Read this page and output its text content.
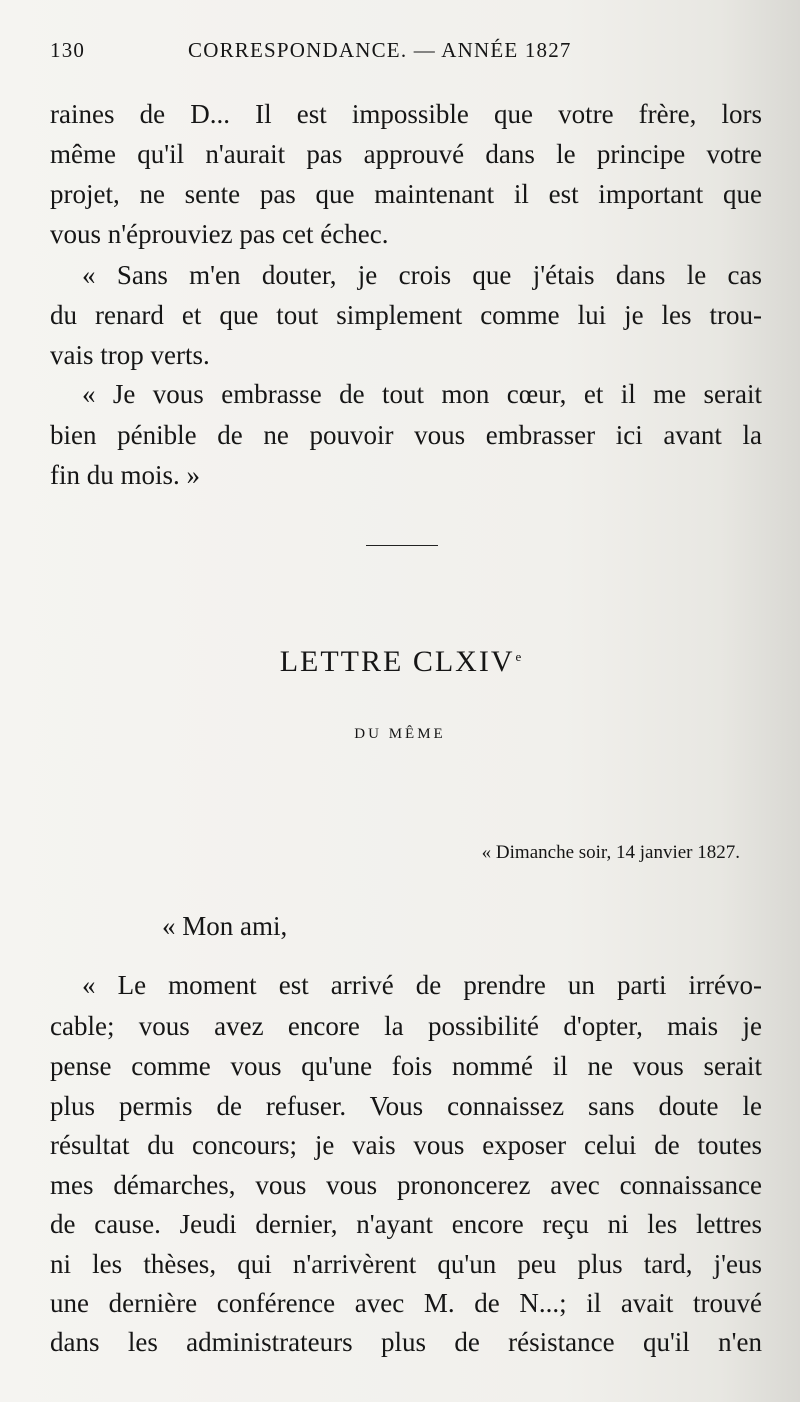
130	CORRESPONDANCE. — ANNÉE 1827
raines de D... Il est impossible que votre frère, lors
même qu'il n'aurait pas approuvé dans le principe votre
projet, ne sente pas que maintenant il est important que
vous n'éprouviez pas cet échec.
« Sans m'en douter, je crois que j'étais dans le cas
du renard et que tout simplement comme lui je les trou-
vais trop verts.
« Je vous embrasse de tout mon cœur, et il me serait
bien pénible de ne pouvoir vous embrasser ici avant la
fin du mois. »
LETTRE CLXIVe
DU MÊME
« Dimanche soir, 14 janvier 1827.
« Mon ami,
« Le moment est arrivé de prendre un parti irrévo-
cable; vous avez encore la possibilité d'opter, mais je
pense comme vous qu'une fois nommé il ne vous serait
plus permis de refuser. Vous connaissez sans doute le
résultat du concours; je vais vous exposer celui de toutes
mes démarches, vous vous prononcerez avec connaissance
de cause. Jeudi dernier, n'ayant encore reçu ni les lettres
ni les thèses, qui n'arrivèrent qu'un peu plus tard, j'eus
une dernière conférence avec M. de N...; il avait trouvé
dans les administrateurs plus de résistance qu'il n'en
